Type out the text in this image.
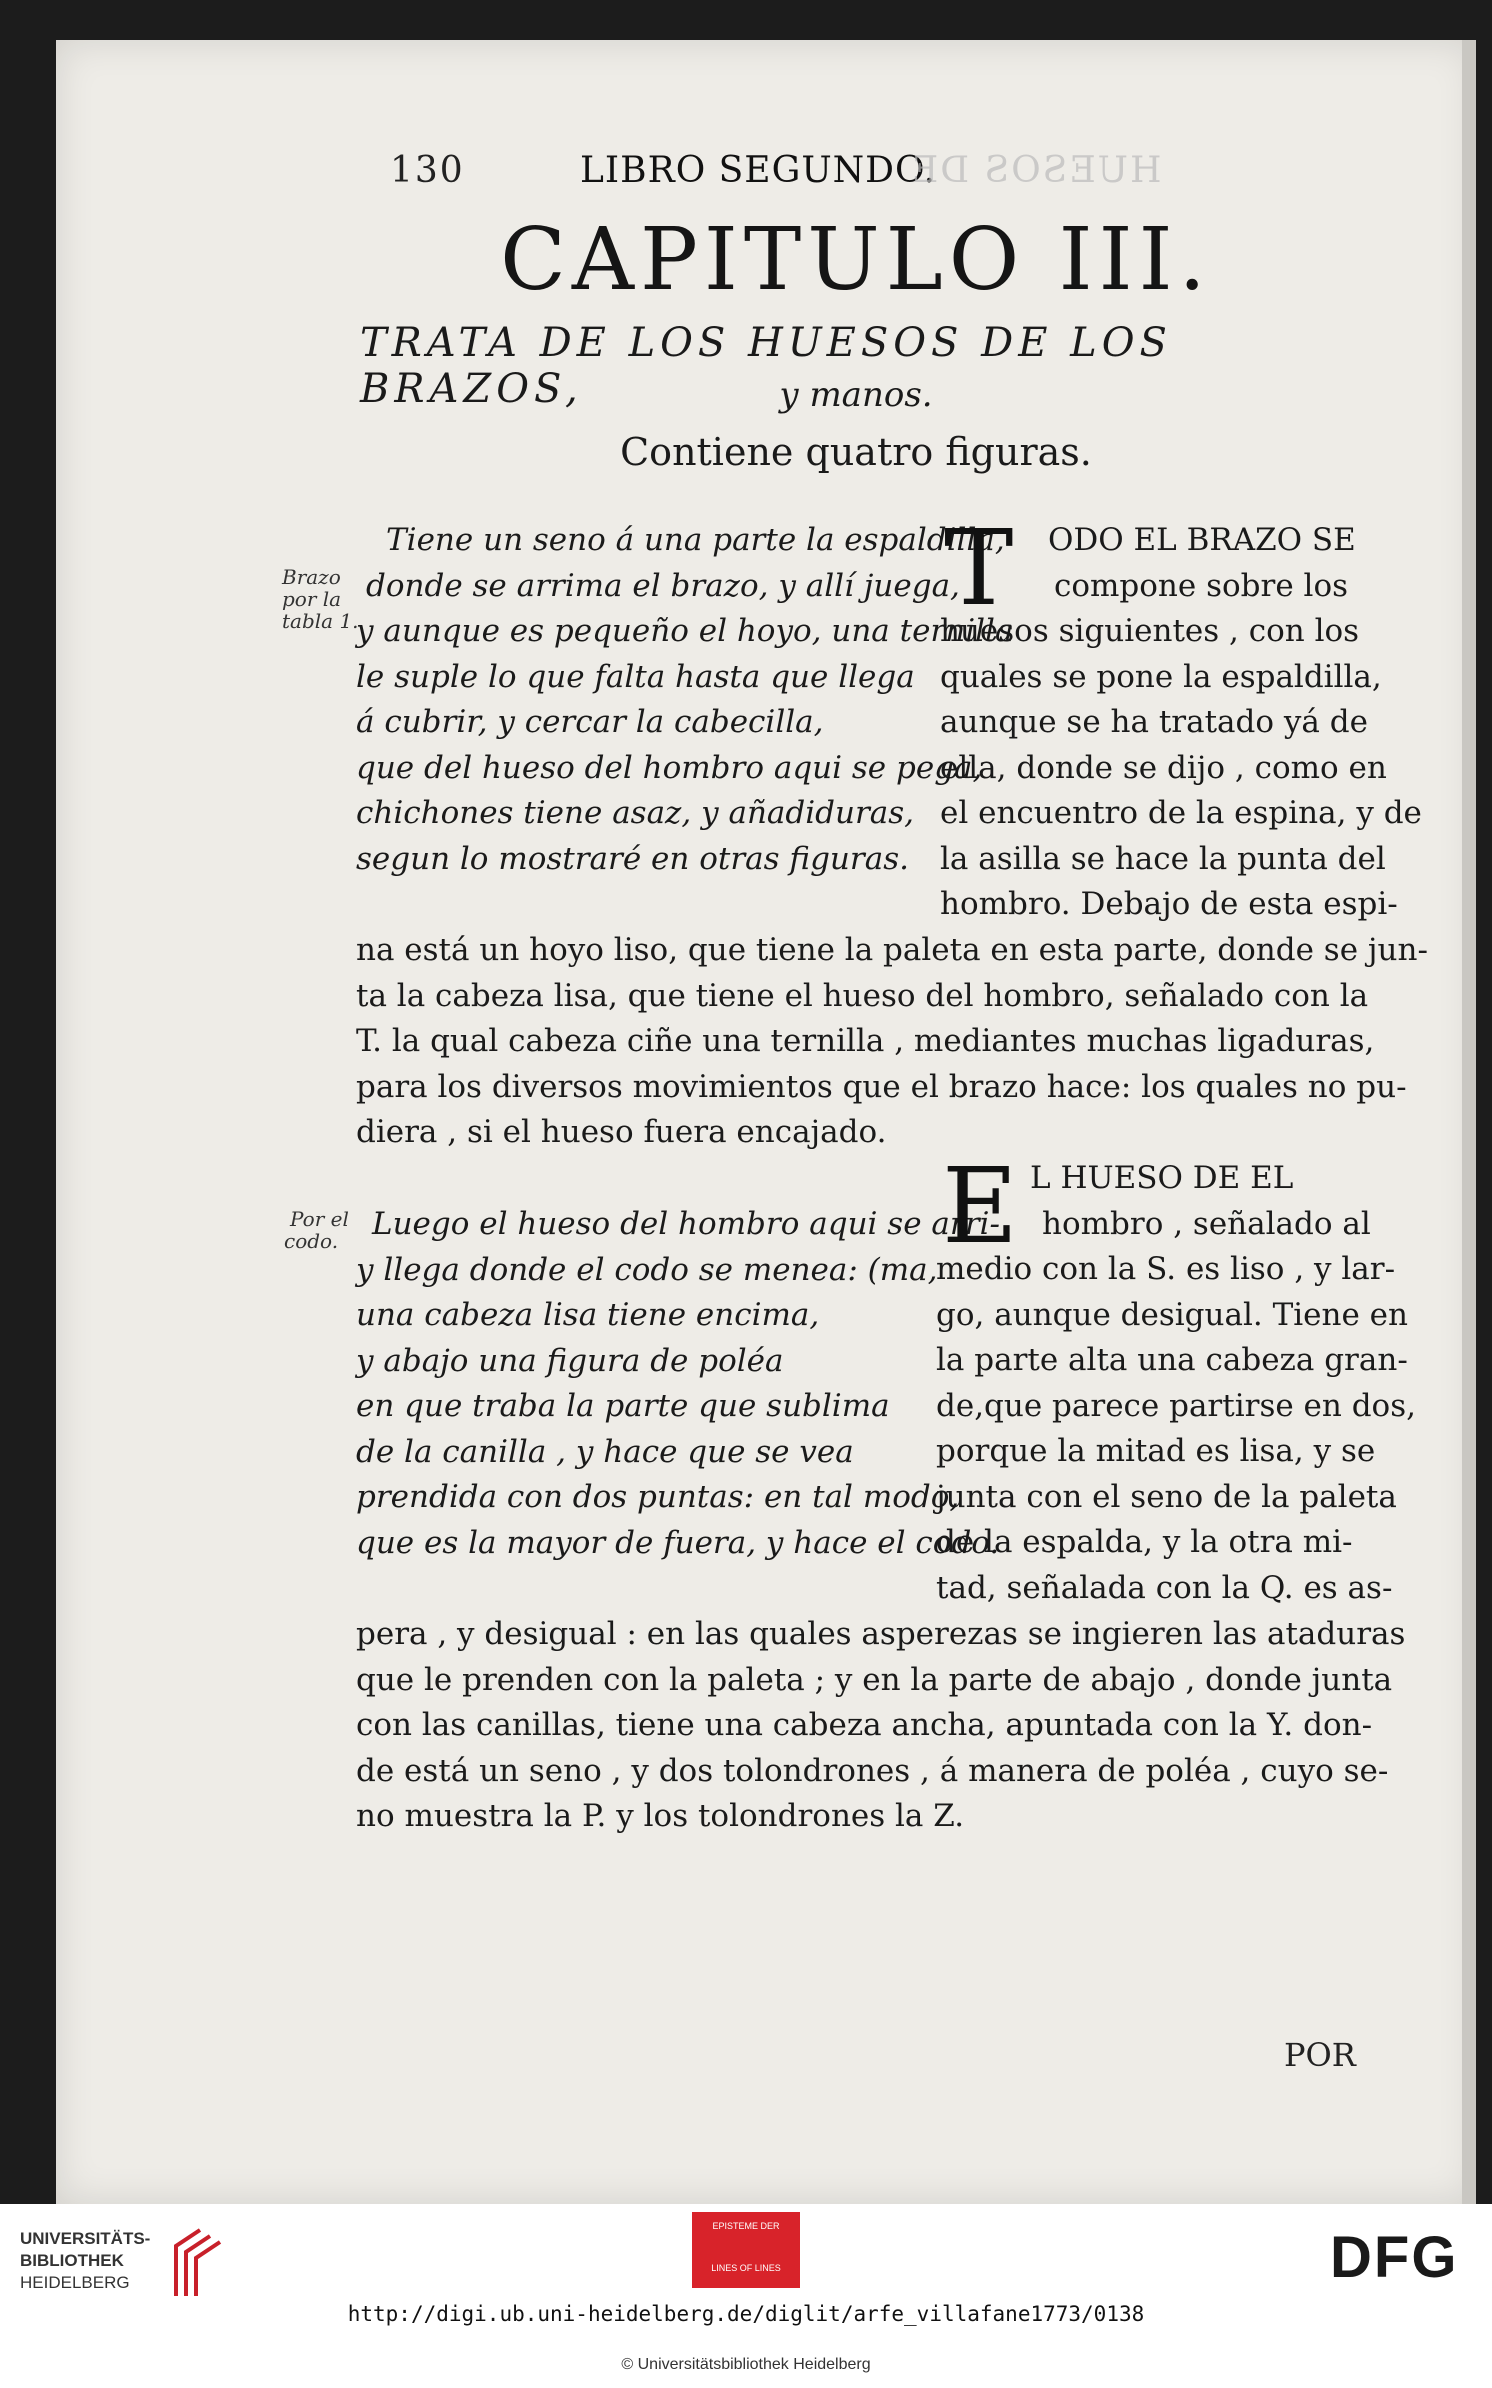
130	LIBRO SEGUNDO.
HUESOS DE
CAPITULO III.
TRATA DE LOS HUESOS DE LOS BRAZOS,	y manos.
Contiene quatro figuras.
Brazo
por la
tabla 1.
Tiene un seno á una parte la espaldilla,
donde se arrima el brazo, y allí juega,
y aunque es pequeño el hoyo, una ternilla
le suple lo que falta hasta que llega
á cubrir, y cercar la cabecilla,
que del hueso del hombro aqui se pega,
chichones tiene asaz, y añadiduras,
segun lo mostraré en otras figuras.
T	ODO EL BRAZO SE
compone sobre los
huesos siguientes , con los
quales se pone la espaldilla,
aunque se ha tratado yá de
ella, donde se dijo , como en
el encuentro de la espina, y de
la asilla se hace la punta del
hombro. Debajo de esta espi-
na está un hoyo liso, que tiene la paleta en esta parte, donde se jun-
ta la cabeza lisa, que tiene el hueso del hombro, señalado con la
T. la qual cabeza ciñe una ternilla , mediantes muchas ligaduras,
para los diversos movimientos que el brazo hace: los quales no pu-
diera , si el hueso fuera encajado.
Por el
codo.	Luego el hueso del hombro aqui se arri-
y llega donde el codo se menea: (ma,
una cabeza lisa tiene encima,
y abajo una figura de poléa
en que traba la parte que sublima
de la canilla , y hace que se vea
prendida con dos puntas: en tal modo,
que es la mayor de fuera, y hace el codo.
E L HUESO DE EL
hombro , señalado al
medio con la S. es liso , y lar-
go, aunque desigual. Tiene en
la parte alta una cabeza gran-
de,que parece partirse en dos,
porque la mitad es lisa, y se
junta con el seno de la paleta
de la espalda, y la otra mi-
tad, señalada con la Q. es as-
pera , y desigual : en las quales asperezas se ingieren las ataduras
que le prenden con la paleta ; y en la parte de abajo , donde junta
con las canillas, tiene una cabeza ancha, apuntada con la Y. don-
de está un seno , y dos tolondrones , á manera de poléa , cuyo se-
no muestra la P. y los tolondrones la Z.
POR
UNIVERSITÄTS-
BIBLIOTHEK
HEIDELBERG
EPISTEME DER
LINES OF LINES	DFG
http://digi.ub.uni-heidelberg.de/diglit/arfe_villafane1773/0138
© Universitätsbibliothek Heidelberg
